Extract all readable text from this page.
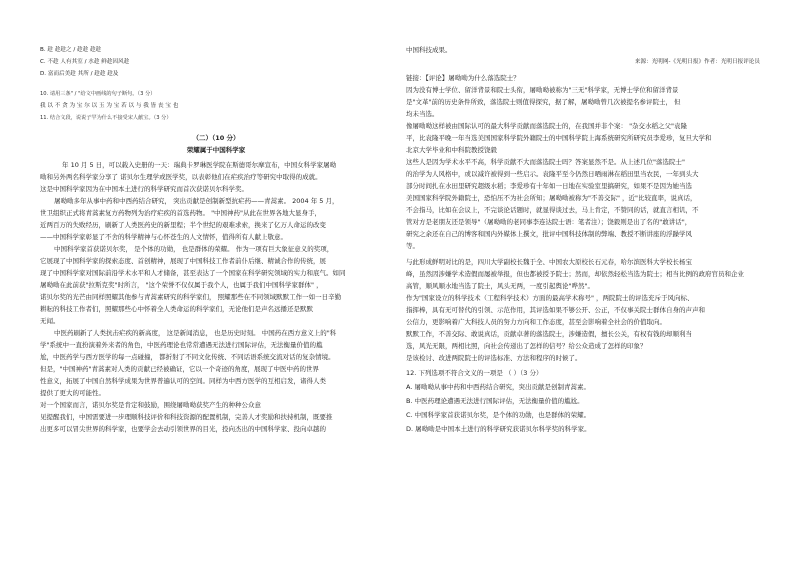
B. 趁 趁趁之 / 趁趁 趁趁
C. 不趁 人有其室 / 水趁 鲜趁因风趁
D. 富而后美趁 其所 / 趁趁 趁及
10. 请用三条" / "给文中画线的句子断句。（3 分）
我 以 不 贪 为 宝 尔 以 玉 为 宝 若 以 与 我 皆 丧 宝 也
11. 结合文段，说说子罕为什么不接受宋人献宝。（3 分）
（二）（10 分）
荣耀属于中国科学家
年 10 月 5 日，可以载入史册的一天：瑞典卡罗琳医学院在斯德哥尔摩宣布，中国女科学家屠呦
呦和另外两名科学家分享了 诺贝尔生理学或医学奖，以表彰他们在疟疾治疗等研究中取得的成就。
这是中国科学家因为在中国本土进行的科学研究而首次获诺贝尔科学奖。
屠呦呦多年从事中药和中西药结合研究， 突出贡献是创制新型抗疟药——青蒿素。 2004 年 5 月，
世卫组织正式将青蒿素复方药物列为治疗疟疾的首选药物。 "中国神药"从此在世界各地大显身手，
近两百万的失败经历，刷新了人类医药史的新里程；半个世纪的艰难求索，换来了亿万人命运的改变
——中国科学家彰显了不舍的科学精神与心怀苍生的人文情怀，值得所有人献上敬意。
中国科学家首获诺贝尔奖， 是个体的功勋， 也是群体的荣耀。 作为一项有巨大象征意义的奖项，
它展现了中国科学家的探索态度、首创精神，展现了中国科技工作者前仆后继、精诚合作的传统，展
现了中国科学家对国际前沿学术水平和人才储备，甚至表达了一个国家在科学研究领域的实力和底气。如同
屠呦呦在此前获"拉斯克奖"时所言， "这个荣誉不仅仅属于我个人，也属于我们中国科学家群体" ，
诺贝尔奖的光芒由同样照耀其他参与青蒿素研究的科学家们， 照耀那些在不同领域默默工作一如一日辛勤
耕耘的科技工作者们，照耀那些心中怀着全人类命运的科学家们，无论他们是声名远播还是默默
无闻。
中医药刷新了人类抗击疟疾的新高度， 这是新闻消息， 也是历史时刻。 中国药在西方意义上的"科
学"系统中一直扮演着外来者的角色，中医药理论也常常遭遇无法进行国际评估，无法衡量价值的尴
尬，中医药学与西方医学的每一点碰撞， 都折射了不同文化传统、不同话语系统交流对话的复杂情境。
但是，"中国神药"青蒿素对人类的贡献已经被确证，它以一个奇迹的角度，展现了中医中药的世界
性意义，拓展了中国自然科学成果为世界普遍认可的空间。同样为中西方医学的互相启发，诸得人类
提供了更大的可能性。
对一个国家而言，诺贝尔奖是肯定和鼓励，围绕屠呦呦获奖产生的种种公众意
见提醒我们，中国需要进一步理顺科技评价和科技资源的配置机制，完善人才奖励和扶持机制，既要推
出更多可以冒尖世界的科学家，也要学会去动引领世界的目光，投向杰出的中国科学家、投向卓越的
中国科技成果。
来源：光明网-《光明日报》作者：光明日报评论员
链接：【评论】屠呦呦为什么落选院士？
因为没有博士学位、留洋背景和院士头衔，屠呦呦被称为"三无"科学家，无博士学位和留洋背景
是"文革"前的历史条件所致，落选院士则值得探究，据了解，屠呦呦曾几次被提名参评院士， 但
均未当选。
像屠呦呦这样被由国际认可的最大科学贡献而落选院士的，在我国并非个案： "杂交水稻之父"袁隆
平，比袁隆平晚一年当选美国国家科学院外籍院士的中国科学院上海系统研究所研究员李爱珍，复旦大学和
北京大学毕业和中科院教授饶毅
这些人是因为学术水平不高，科学贡献不大而落选院士吗？答案显然不是。从上述几位"落选院士"
的治学为人风格中，或以减许被得到一些启示。袁隆平至今仍然日晒雨淋在稻田里当农民，一年到头大
部分时间扎在水田里研究超级水稻；李爱珍有十年如一日地在实验室里搞研究，如果不是因为她当选
美国国家科学院外籍院士，恐怕压不为社会所知；屠呦呦被称为"不善交际" ，近"比较直率，说真话，
不会指马，比如在会议上，不完谈论话题时，就显得谈过去，马上肯定，不赞同的话，就直言相讥，不
管对方是老朋友还是领导"（屠呦呦的老同事李连达院士语：笔者注）；饶毅则是出了名的"敢讲话"，
研究之余还在自己的博客和国内外媒体上撰文，批评中国科技体制的弊端、教授不断讲座的浮躁学风
等。
与此形成鲜明对比的是，四川大学副校长魏于全、中国农大原校长石元春，哈尔滨医科大学校长杨宝
峰，虽然因涉嫌学术造假而屡被举报，但也都被授予院士；然而，却依然轻松当选为院士；相当比例的政府官员和企业
高管，顺风顺水地当选了院士，风头无两，一度引起舆论"哗然"。
作为"国家设立的科学技术（工程科学技术）方面的最高学术称号" ，两院院士的评选充斥于风向标、
指挥棒，具有无可替代的引领、示范作用，其评选如果不够公开、公正，不仅事关院士群体自身的声声和
公信力，更影响着广大科技人员的努力方向和工作态度，甚至会影响着全社会的价值取向。
默默工作，不善交际、敢说真话，贡献卓著的落选院士，涉嫌造假，擅长公关，有权有钱的却顺利当
选，风光无限，两相比照，向社会传递出了怎样的信号？给公众造成了怎样的印象？
是该检讨、改进两院院士的评选标准、方法和程序的时候了。
12. 下列选项不符合文义的一项是 （ ）（3 分）
A. 屠呦呦从事中药和中西药结合研究，突出贡献是创制青蒿素。
B. 中医药理论遭遇无法进行国际评估，无法衡量价值的尴尬。
C. 中国科学家首获诺贝尔奖，是个体的功勋，也是群体的荣耀。
D. 屠呦呦是中国本土进行的科学研究获诺贝尔科学奖的科学家。
